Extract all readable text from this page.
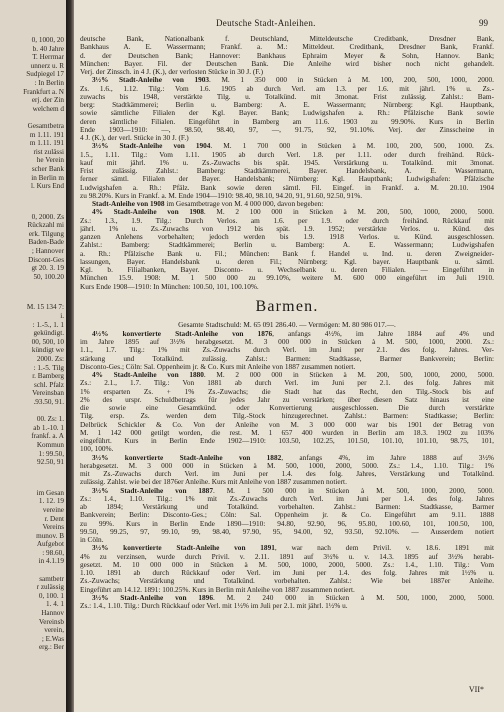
0, 1000, 20
b. 40 Jahre
T. Herrmar
unnerz u. R
Sudpiegel 17
: In Berlin
Frankfurt a. N
erj. der Zin
welchem d
Gesamtbetra
m 1.11. 191
m 1.11. 191
rist zulässi
he Verein
scher Bank
in Berlin m
l. Kurs End
0, 2000. Zs
Rückzahl mi
erk. Tilgung
Baden-Bade
; Hannover
Discont-Ges
gt 20. 3. 19
50, 100.20
M. 15 134 7:
i.
: 1.-5., 1. 1
gekündigt.
00, 500, 10
kündigt we
2000. Zs:
: 1.-5. Tilg
r. Bamberg
schl. Pfalz
Vereinsban
.93.50, 91.
00. Zs: 1.
ab 1.-10. 1
frankf. a. A
Kommun
1: 99.50,
92.50, 91
im Gesan
1. 12. 19
vereine
r. Dent
Vereins
munov. B
Aufgebot
: 98.60,
in 4.1.19
samtbetr
r zulässig
0, 100. 1
1. 4. 1
Hannov
Vereinsb
verein,
; E.Was
erg.: Ber
Deutsche Stadt-Anleihen.	99
deutsche Bank, Nationalbank f. Deutschland, Mitteldeutsche Creditbank, Dresdner Bank,
Bankhaus A. E. Wassermann; Frankf. a. M.: Mitteldeut. Creditbank, Dresdner Bank, Frankf.
d. der Deutschen Bank; Hannover: Bankhaus Ephraim Meyer & Sohn, Hannov. Bank;
München: Bayer. Fil. der Deutschen Bank. Die Anleihe wird bisher noch nicht gehandelt.
Verj. der Zinssch. in 4 J. (K.), der verlosten Stücke in 30 J. (F.)
3½% Stadt-Anleihe von 1903. M. 1 350 000 in Stücken à M. 100, 200, 500, 1000, 2000.
Zs. 1.6., 1.12. Tilg.: Vom 1.6. 1905 ab durch Verl. am 1.3. per 1.6. mit jährl. 1% u. Zs.-
zuwachs bis 1948, verstärkte Tilg. u. Totalkünd. mit 3monat. Frist zulässig. Zahlst.: Bam-
berg: Stadtkämmerei; Berlin u. Bamberg: A. E. Wassermann; Nürnberg: Kgl. Hauptbank,
sowie sämtliche Filialen der Kgl. Bayer. Bank; Ludwigshafen a. Rh.: Pfälzische Bank sowie
deren sämtliche Filialen. Eingeführt in Bamberg am 11.6. 1903 zu 99.90%. Kurs in Berlin
Ende 1903—1910: —, 98.50, 98.40, 97, —, 91.75, 92, 91.10%. Verj. der Zinsscheine in
4 J. (K.), der verl. Stücke in 30 J. (F.)
3½% Stadt-Anleihe von 1904. M. 1 700 000 in Stücken à M. 100, 200, 500, 1000. Zs.
1.5., 1.11. Tilg.: Vom 1.11. 1905 ab durch Verl. 1.8. per 1.11. oder durch freihänd. Rück-
kauf mit jährl. 1% u. Zs.-Zuwachs bis spät. 1945. Verstärkung u. Totalkünd. mit 3monat.
Frist zulässig. Zahlst.: Bamberg: Stadtkämmerei, Bayer. Handelsbank, A. E. Wassermann,
ferner sämtl. Filialen der Bayer. Handelsbank; Nürnberg: Kgl. Hauptbank; Ludwigshafen: Pfälzische
Ludwigshafen a. Rh.: Pfälz. Bank sowie deren sämtl. Fil. Eingef. in Frankf. a. M. 20.10. 1904
zu 98.20%. Kurs in Frankf. a. M. Ende 1904—1910: 98.40, 98.10, 94.20, 91, 91.60, 92.50, 91%.
Stadt-Anleihe von 1908 im Gesamtbetrage von M. 4 000 000, davon begeben:
4% Stadt-Anleihe von 1908. M. 2 100 000 in Stücken à M. 200, 500, 1000, 2000, 5000.
Zs.: 1.3., 1.9. Tilg.: Durch Verlos. am 1.6. per 1.9. oder durch freihänd. Rückkauf mit
jährl. 1% u. Zs.-Zuwachs von 1912 bis spät. 1.9. 1952; verstärkte Verlos. u. Künd. des
ganzen Anlehens vorbehalten; jedoch werden bis 1.9. 1918 Verlos. u. Künd. ausgeschlossen.
Zahlst.: Bamberg: Stadtkämmerei; Berlin u. Bamberg: A. E. Wassermann; Ludwigshafen
a. Rh.: Pfälzische Bank u. Fil.; München: Bank f. Handel u. Ind. u. deren Zweigneider-
lassungen, Bayer. Handelsbank u. deren Fil.; Nürnberg: Kgl. bayer. Hauptbank u. sämtl.
Kgl. b. Filialbanken, Bayer. Disconto- u. Wechselbank u. deren Filialen. — Eingeführt in
München 15.9. 1908: M. 1 500 000 zu 99.10%, weitere M. 600 000 eingeführt im Juli 1910.
Kurs Ende 1908—1910: In München: 100.50, 101, 100.10%.
Barmen.
Gesamte Stadtschuld: M. 65 091 286.40. — Vermögen: M. 80 986 017.—.
4½% konvertierte Stadt-Anleihe von 1876, anfangs 4½%, im Jahre 1884 auf 4% und
im Jahre 1895 auf 3½% herabgesetzt. M. 3 000 000 in Stücken à M. 500, 1000, 2000. Zs.:
1.1., 1.7. Tilg.: 1% mit Zs.-Zuwachs durch Verl. im Juni per 2.1. des folg. Jahres. Ver-
stärkung und Totalkünd. zulässig. Zahlst.: Barmen: Stadtkasse, Barmer Bankverein; Berlin:
Disconto-Ges.; Cöln: Sal. Oppenheim jr. & Co. Kurs mit Anleihe von 1887 zusammen notiert.
4% Stadt-Anleihe von 1880. M. 2 000 000 in Stücken à M. 200, 500, 1000, 2000, 5000.
Zs.: 2.1., 1.7. Tilg.: Von 1881 ab durch Verl. im Juni per 2.1. des folg. Jahres mit
1% ersparten Zs. + 1% Zs.-Zuwachs; die Stadt hat das Recht, den Tilg.-Stock bis auf
2% des urspr. Schuldbetrags für jedes Jahr zu verstärken; über diesen Satz hinaus ist eine
die sowie eine Gesamtkünd. oder Konvertierung ausgeschlossen. Die durch verstärkte
Tilg. ersp. Zs. werden dem Tilg.-Stock hinzugerechnet. Zahlst.: Barmen: Stadtkasse; Berlin:
Delbrück Schickler & Co. Von der Anleihe von M. 3 000 000 war bis 1901 der Betrag von
M. 1 142 000 getilgt worden, die rest. M. 1 657 400 wurden in Berlin am 18.3. 1902 zu 103%
eingeführt. Kurs in Berlin Ende 1902—1910: 103.50, 102.25, 101.50, 101.10, 101.10, 98.75, 101,
100, 100%.
3½% konvertierte Stadt-Anleihe von 1882, anfangs 4%, im Jahre 1888 auf 3½%
herabgesetzt. M. 3 000 000 in Stücken à M. 500, 1000, 2000, 5000. Zs.: 1.4., 1.10. Tilg.: 1%
mit Zs.-Zuwachs durch Verl. im Juni per 1.4. des folg. Jahres, Verstärkung und Totalkünd.
zulässig. Zahlst. wie bei der 1876er Anleihe. Kurs mit Anleihe von 1887 zusammen notiert.
3½% Stadt-Anleihe von 1887. M. 1 500 000 in Stücken à M. 500, 1000, 2000, 5000.
Zs.: 1.4., 1.10. Tilg.: 1% mit Zs.-Zuwachs durch Verl. im Juni per 1.4. des folg. Jahres
ab 1894; Verstärkung und Totalkünd. vorbehalten. Zahlst.: Barmen: Stadtkasse, Barmer
Bankverein; Berlin: Disconto-Ges.; Cöln: Sal. Oppenheim jr. & Co. Eingeführt am 9.11. 1888
zu 99%. Kurs in Berlin Ende 1890—1910: 94.80, 92.90, 96, 95.80, 100.60, 101, 100.50, 100,
99.50, 99.25, 97, 99.10, 99, 98.40, 97.90, 95, 94.00, 92, 93.50, 92.10%. — Ausserdem notiert
in Cöln.
3½% konvertierte Stadt-Anleihe von 1891, war nach dem Privil. v. 18.6. 1891 mit
4% zu verzinsen, wurde durch Privil. v. 2.11. 1891 auf 3½% u. v. 14.3. 1895 auf 3½% herabt-
gesetzt. M. 10 000 000 in Stücken à M. 500, 1000, 2000, 5000. Zs.: 1.4., 1.10. Tilg.: Vom
1.10. 1891 ab durch Rückkauf oder Verl. im Juni per 1.4. des folg. Jahres mit 1½% u.
Zs.-Zuwachs; Verstärkung und Totalkünd. vorbehalten. Zahlst.: Wie bei 1887er Anleihe.
Eingeführt am 14.12. 1891: 100.25%. Kurs in Berlin mit Anleihe von 1887 zusammen notiert.
3½% Stadt-Anleihe von 1896. M. 2 240 000 in Stücken à M. 500, 1000, 2000, 5000.
Zs.: 1.4., 1.10. Tilg.: Durch Rückkauf oder Verl. mit 1½% im Juli per 2.1. mit jährl. 1½% u.
VII*
